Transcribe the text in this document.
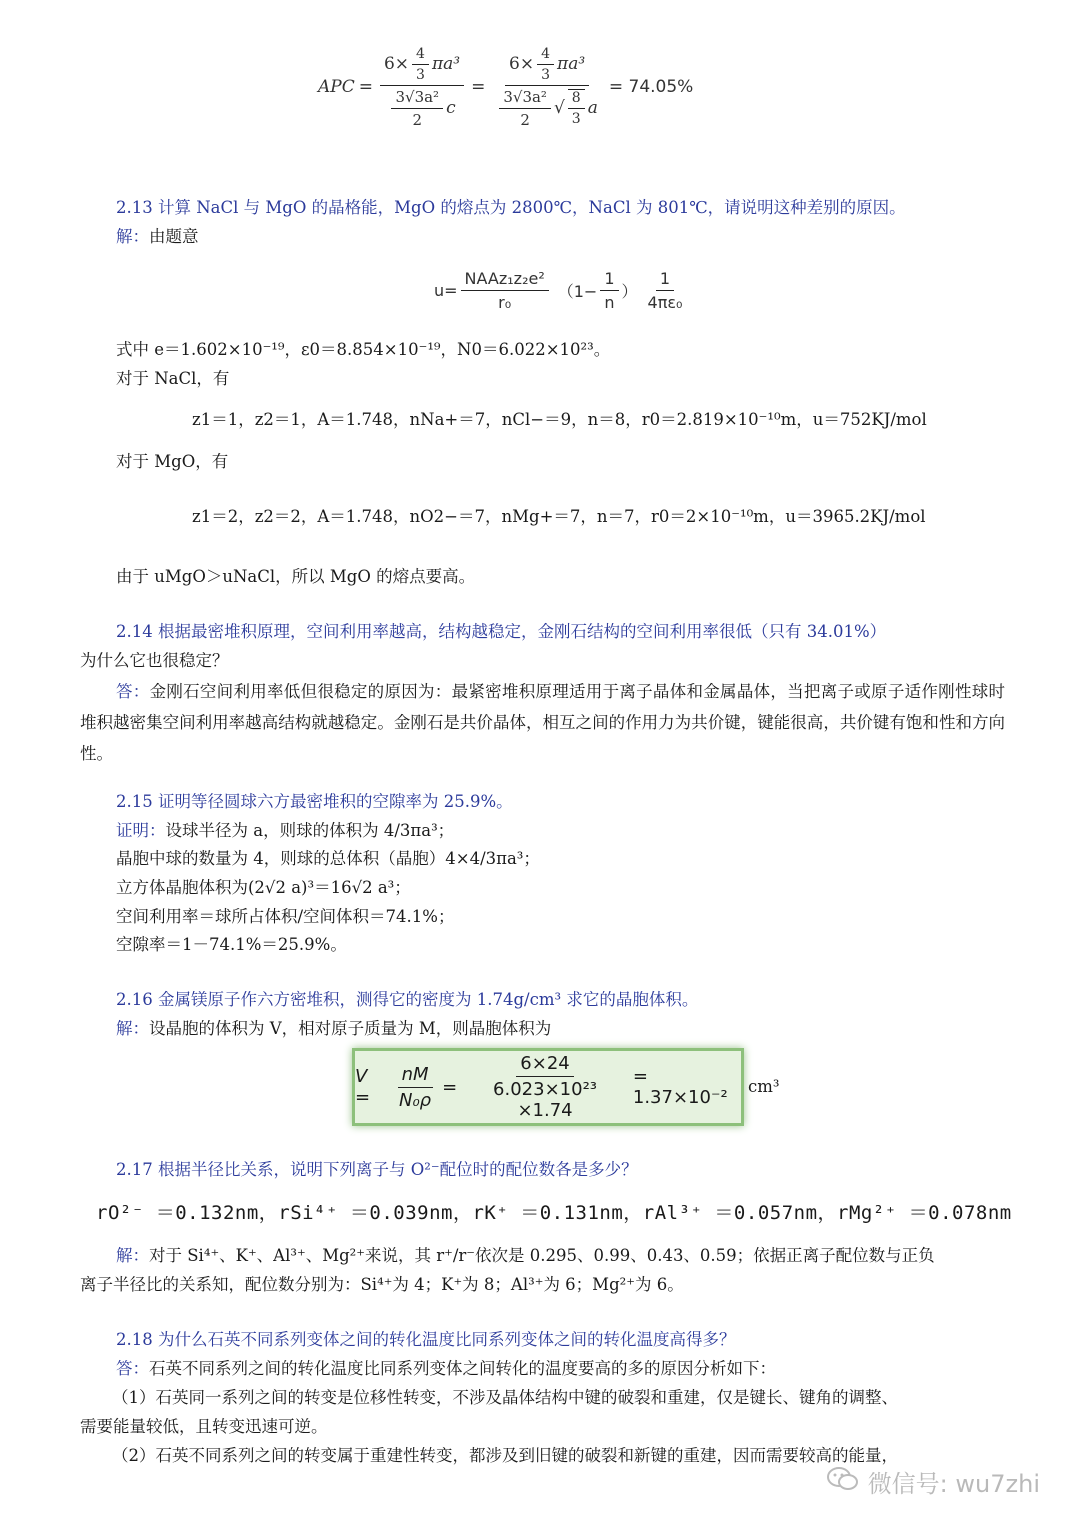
APC = $\frac{6\times \frac{4}{3} \pi a^3}{\frac{\text{3√3a²}}{2} c}$ =
$6\times \frac{4}{3} \pi a^3$
$\frac{\text{3√3a²}}{2}$ √ $\frac{8}{3}$ a
= 74.05%
2.13 计算 NaCl 与 MgO 的晶格能，MgO 的熔点为 2800℃，NaCl 为 801℃，请说明这种差别的原因。
解：由题意
$u= \frac{\text{NAAz₁z₂e²}}{\text{r₀}} (1- \frac{1}{n}$ ） $\frac{1}{\text{4πε₀}}$
式中 e＝1.602×10⁻¹⁹，ε0＝8.854×10⁻¹⁹，N0＝6.022×10²³。
对于 NaCl，有
z1＝1，z2＝1，A＝1.748，nNa+＝7，nCl−＝9，n＝8，r0＝2.819×10⁻¹⁰m，u＝752KJ/mol
对于 MgO，有
z1＝2，z2＝2，A＝1.748，nO2−＝7，nMg+＝7，n＝7，r0＝2×10⁻¹⁰m，u＝3965.2KJ/mol
由于 uMgO＞uNaCl，所以 MgO 的熔点要高。
2.14 根据最密堆积原理，空间利用率越高，结构越稳定，金刚石结构的空间利用率很低（只有 34.01%）
为什么它也很稳定？
答：金刚石空间利用率低但很稳定的原因为：最紧密堆积原理适用于离子晶体和金属晶体，当把离子或原子适作刚性球时堆积越密集空间利用率越高结构就越稳定。金刚石是共价晶体，相互之间的作用力为共价键，键能很高，共价键有饱和性和方向性。
2.15 证明等径圆球六方最密堆积的空隙率为 25.9%。
证明：设球半径为 a，则球的体积为 4/3πa³；
晶胞中球的数量为 4，则球的总体积（晶胞）4×4/3πa³；
立方体晶胞体积为(2√2 a)³＝16√2 a³；
空间利用率＝球所占体积/空间体积＝74.1%；
空隙率＝1－74.1%＝25.9%。
2.16 金属镁原子作六方密堆积，测得它的密度为 1.74g/cm³ 求它的晶胞体积。
解：设晶胞的体积为 V，相对原子质量为 M，则晶胞体积为
V =	$\frac{nM}{\text{N₀ρ}} = \frac{6\times 24}{\text{6.023×10²³ ×1.74}} = 1.37\times 10^{-2}$
cm³
2.17 根据半径比关系，说明下列离子与 O²⁻配位时的配位数各是多少？
rO²⁻ ＝0.132nm，rSi⁴⁺ ＝0.039nm，rK⁺ ＝0.131nm，rAl³⁺ ＝0.057nm，rMg²⁺ ＝0.078nm
解：对于 Si⁴⁺、K⁺、Al³⁺、Mg²⁺来说，其 r⁺/r⁻依次是 0.295、0.99、0.43、0.59；依据正离子配位数与正负
离子半径比的关系知，配位数分别为：Si⁴⁺为 4；K⁺为 8；Al³⁺为 6；Mg²⁺为 6。
2.18 为什么石英不同系列变体之间的转化温度比同系列变体之间的转化温度高得多？
答：石英不同系列之间的转化温度比同系列变体之间转化的温度要高的多的原因分析如下：
（1）石英同一系列之间的转变是位移性转变，不涉及晶体结构中键的破裂和重建，仅是键长、键角的调整、
需要能量较低，且转变迅速可逆。
（2）石英不同系列之间的转变属于重建性转变，都涉及到旧键的破裂和新键的重建，因而需要较高的能量，
微信号: wu7zhi
